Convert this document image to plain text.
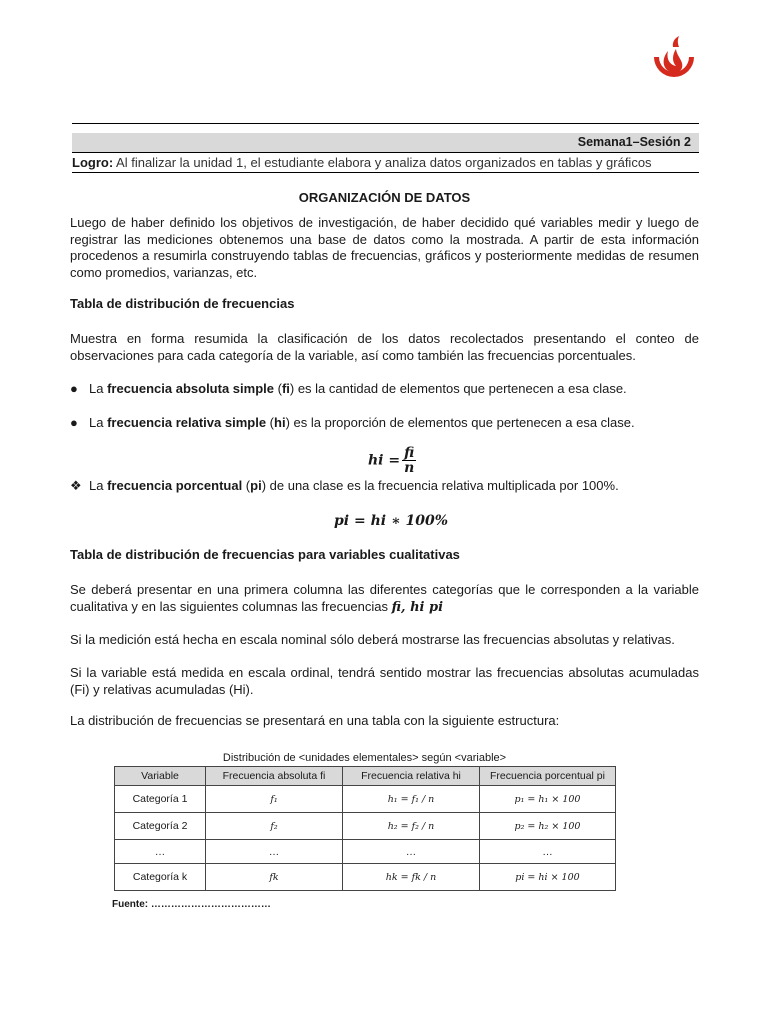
Semana1–Sesión 2
Logro: Al finalizar la unidad 1, el estudiante elabora y analiza datos organizados en tablas y gráficos
ORGANIZACIÓN DE DATOS
Luego de haber definido los objetivos de investigación, de haber decidido qué variables medir y luego de registrar las mediciones obtenemos una base de datos como la mostrada. A partir de esta información procedenos a resumirla construyendo tablas de frecuencias, gráficos y posteriormente medidas de resumen como promedios, varianzas, etc.
Tabla de distribución de frecuencias
Muestra en forma resumida la clasificación de los datos recolectados presentando el conteo de observaciones para cada categoría de la variable, así como también las frecuencias porcentuales.
● La frecuencia absoluta simple (fi) es la cantidad de elementos que pertenecen a esa clase.
● La frecuencia relativa simple (hi) es la proporción de elementos que pertenecen a esa clase.
hi = $\frac{fi}{n}$
❖ La frecuencia porcentual (pi) de una clase es la frecuencia relativa multiplicada por 100%.
pi = hi ∗ 100%
Tabla de distribución de frecuencias para variables cualitativas
Se deberá presentar en una primera columna las diferentes categorías que le corresponden a la variable cualitativa y en las siguientes columnas las frecuencias fi, hi pi
Si la medición está hecha en escala nominal sólo deberá mostrarse las frecuencias absolutas y relativas.
Si la variable está medida en escala ordinal, tendrá sentido mostrar las frecuencias absolutas acumuladas (Fi) y relativas acumuladas (Hi).
La distribución de frecuencias se presentará en una tabla con la siguiente estructura:
Distribución de <unidades elementales> según <variable>
Variable	Frecuencia absoluta fi	Frecuencia relativa hi	Frecuencia porcentual pi
Categoría 1	f₁	h₁ = f₁ / n	p₁ = h₁ × 100
Categoría 2	f₂	h₂ = f₂ / n	p₂ = h₂ × 100
…	…	…	…
Categoría k	fk	hk = fk / n	pi = hi × 100
Fuente: ………………………………
